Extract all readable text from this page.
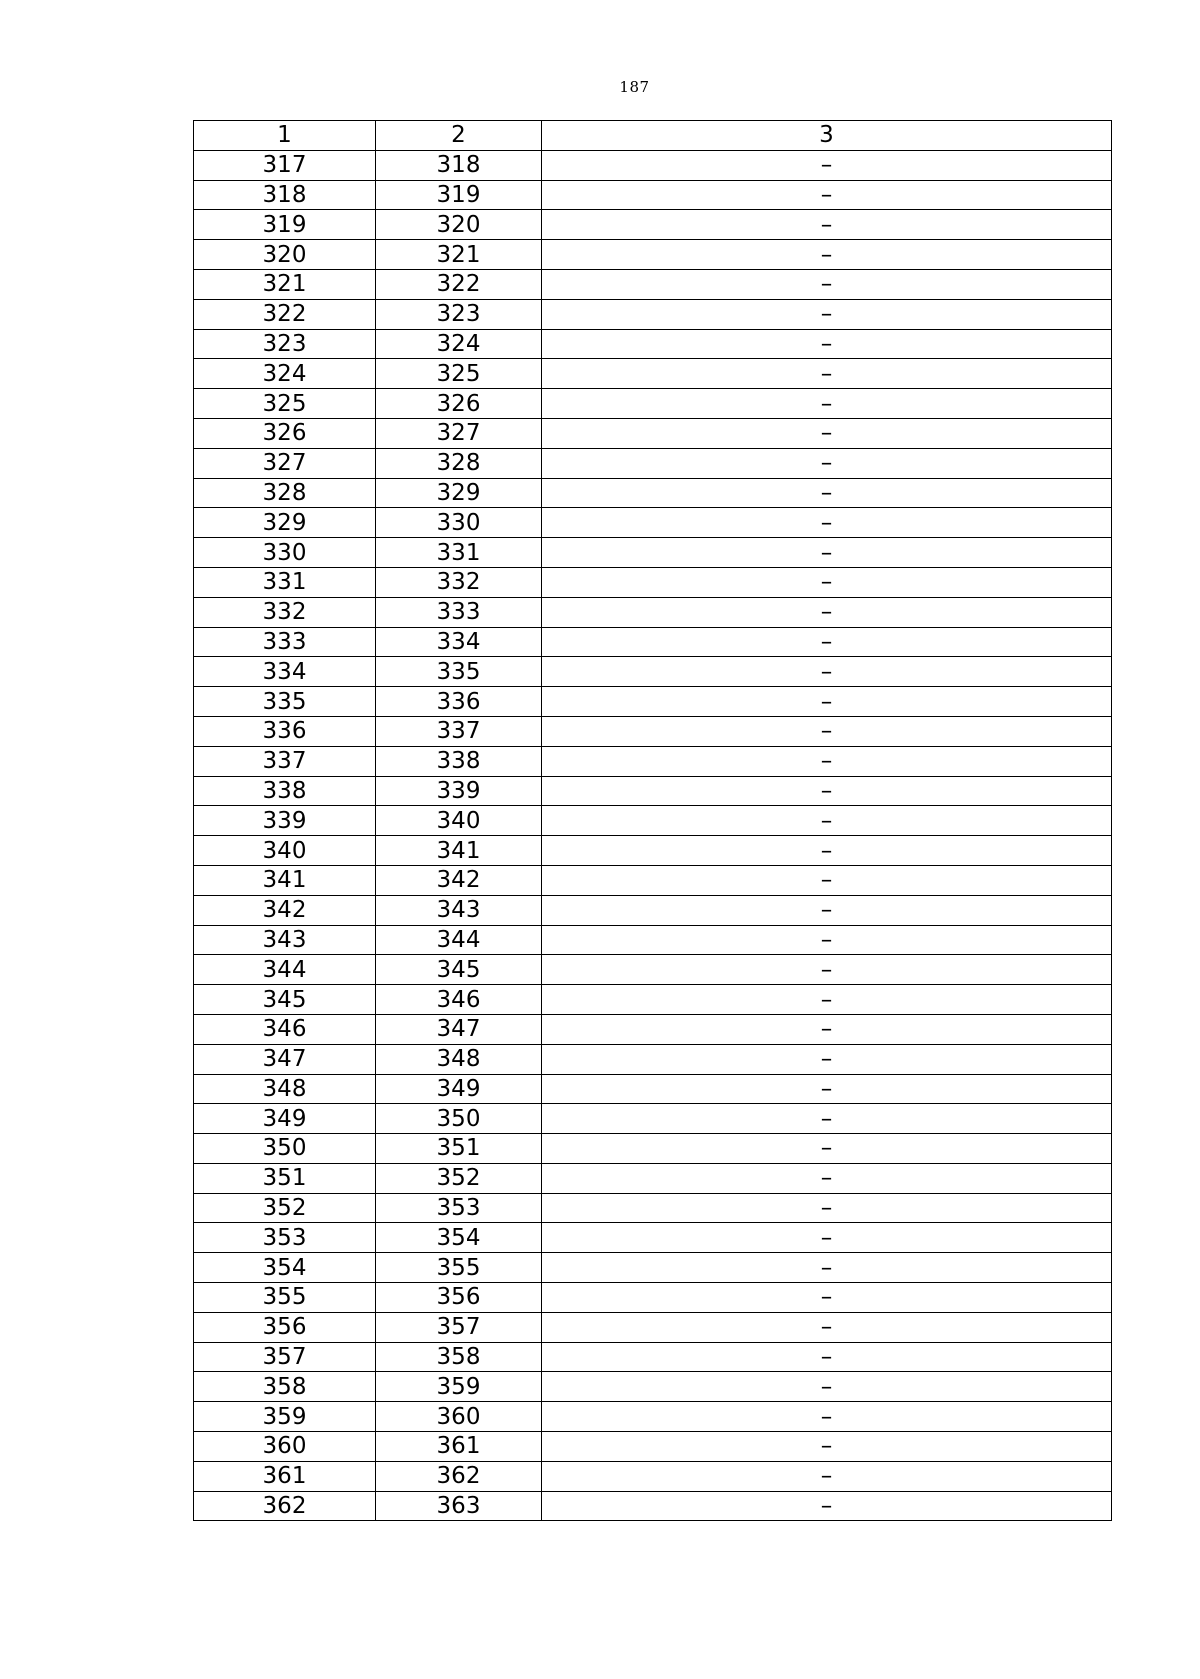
187
1	2	3
317	318	–
318	319	–
319	320	–
320	321	–
321	322	–
322	323	–
323	324	–
324	325	–
325	326	–
326	327	–
327	328	–
328	329	–
329	330	–
330	331	–
331	332	–
332	333	–
333	334	–
334	335	–
335	336	–
336	337	–
337	338	–
338	339	–
339	340	–
340	341	–
341	342	–
342	343	–
343	344	–
344	345	–
345	346	–
346	347	–
347	348	–
348	349	–
349	350	–
350	351	–
351	352	–
352	353	–
353	354	–
354	355	–
355	356	–
356	357	–
357	358	–
358	359	–
359	360	–
360	361	–
361	362	–
362	363	–
